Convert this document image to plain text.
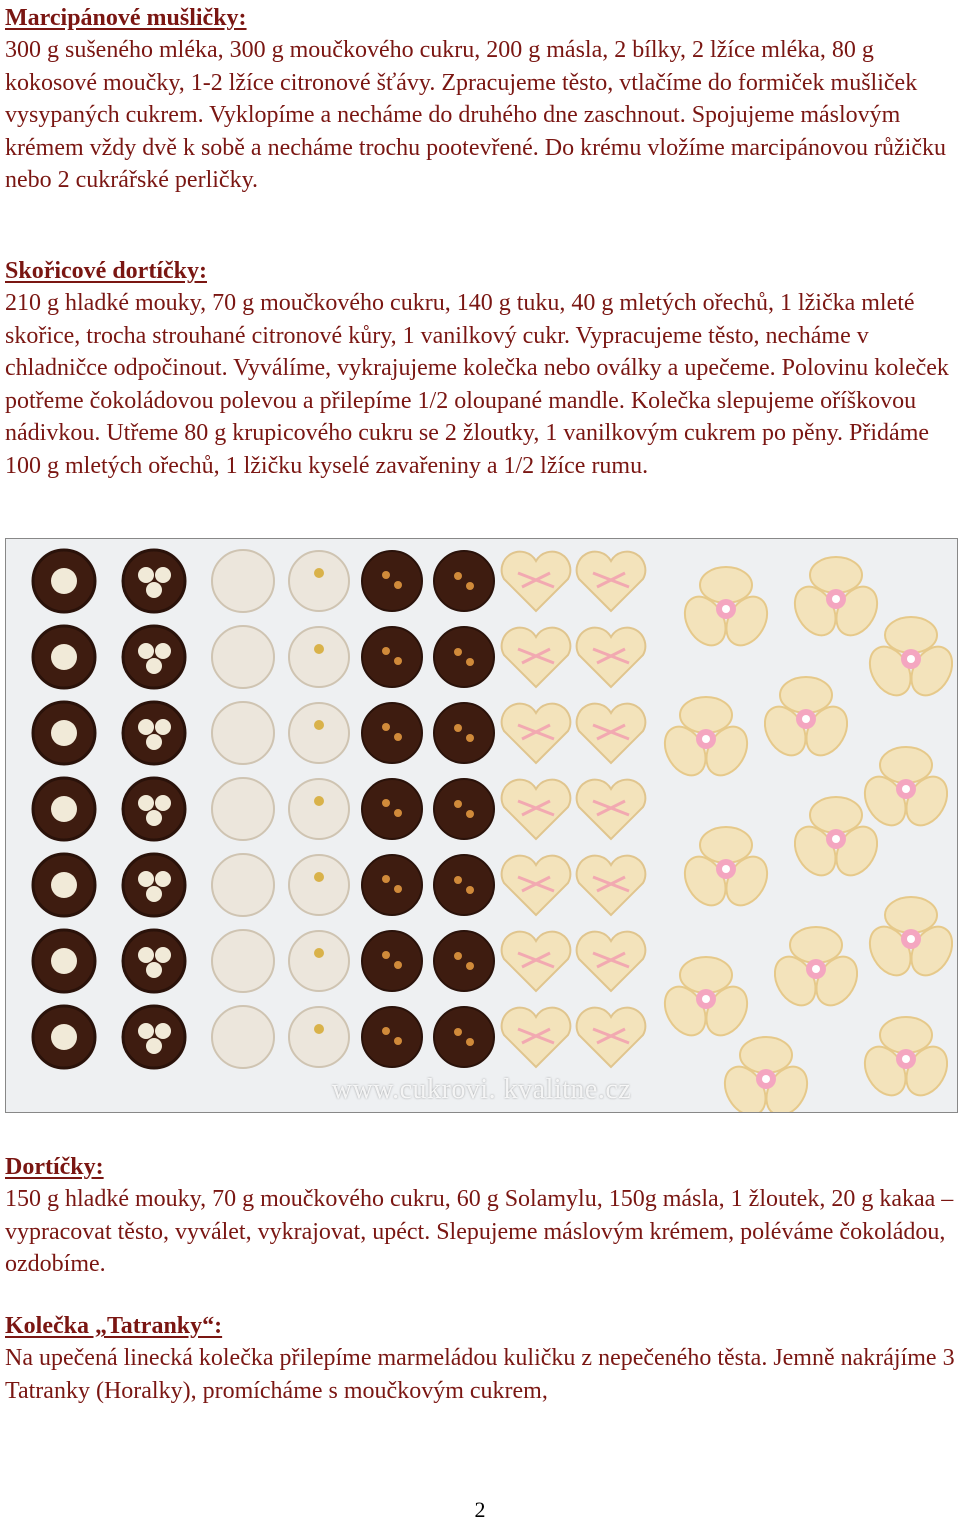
Marcipánové mušličky:

300 g sušeného mléka, 300 g moučkového cukru, 200 g másla, 2 bílky, 2 lžíce mléka, 80 g kokosové moučky, 1-2 lžíce citronové šťávy. Zpracujeme těsto, vtlačíme do formiček mušliček vysypaných cukrem. Vyklopíme a necháme do druhého dne zaschnout. Spojujeme máslovým krémem vždy dvě k sobě a necháme trochu pootevřené. Do krému vložíme marcipánovou růžičku nebo 2 cukrářské perličky.

Skořicové dortíčky:

210 g hladké mouky, 70 g moučkového cukru, 140 g tuku, 40 g mletých ořechů, 1 lžička mleté skořice, trocha strouhané citronové kůry, 1 vanilkový cukr. Vypracujeme těsto, necháme v chladničce odpočinout. Vyválíme, vykrajujeme kolečka nebo oválky a upečeme. Polovinu koleček potřeme čokoládovou polevou a přilepíme 1/2 oloupané mandle. Kolečka slepujeme oříškovou nádivkou. Utřeme 80 g krupicového cukru se 2 žloutky, 1 vanilkovým cukrem po pěny. Přidáme 100 g mletých ořechů, 1 lžičku kyselé zavařeniny a 1/2 lžíce rumu.

www.cukrovi. kvalitne.cz
Dortíčky:

150 g hladké mouky, 70 g moučkového cukru, 60 g Solamylu, 150g másla, 1 žloutek, 20 g kakaa – vypracovat těsto, vyválet, vykrajovat, upéct. Slepujeme máslovým krémem, poléváme čokoládou, ozdobíme.

Kolečka „Tatranky“:

Na upečená linecká kolečka přilepíme marmeládou kuličku z nepečeného těsta. Jemně nakrájíme 3 Tatranky (Horalky), promícháme s moučkovým cukrem,

2
